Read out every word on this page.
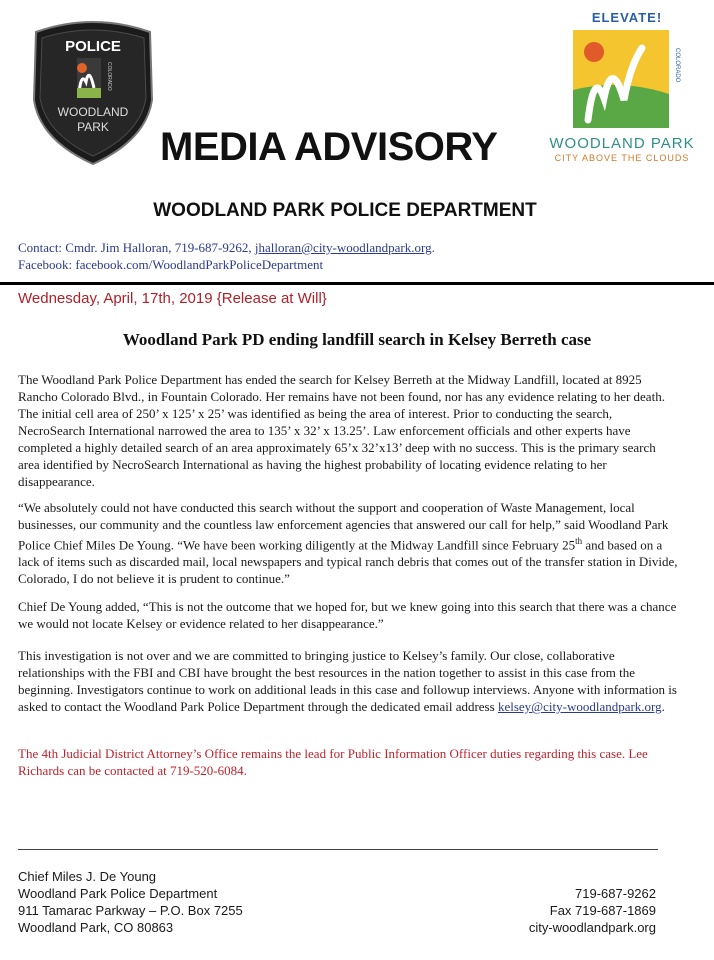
POLICE
COLORADO
WOODLAND
PARK
ELEVATE!
COLORADO
WOODLAND PARK
CITY ABOVE THE CLOUDS
MEDIA ADVISORY
WOODLAND PARK POLICE DEPARTMENT
Contact: Cmdr. Jim Halloran, 719-687-9262, jhalloran@city-woodlandpark.org.
Facebook: facebook.com/WoodlandParkPoliceDepartment
Wednesday, April, 17th, 2019 {Release at Will}
Woodland Park PD ending landfill search in Kelsey Berreth case
The Woodland Park Police Department has ended the search for Kelsey Berreth at the Midway Landfill, located at 8925 Rancho Colorado Blvd., in Fountain Colorado. Her remains have not been found, nor has any evidence relating to her death. The initial cell area of 250’ x 125’ x 25’ was identified as being the area of interest. Prior to conducting the search, NecroSearch International narrowed the area to 135’ x 32’ x 13.25’. Law enforcement officials and other experts have completed a highly detailed search of an area approximately 65’x 32’x13’ deep with no success. This is the primary search area identified by NecroSearch International as having the highest probability of locating evidence relating to her disappearance.
“We absolutely could not have conducted this search without the support and cooperation of Waste Management, local businesses, our community and the countless law enforcement agencies that answered our call for help,” said Woodland Park Police Chief Miles De Young. “We have been working diligently at the Midway Landfill since February 25th and based on a lack of items such as discarded mail, local newspapers and typical ranch debris that comes out of the transfer station in Divide, Colorado, I do not believe it is prudent to continue.”
Chief De Young added, “This is not the outcome that we hoped for, but we knew going into this search that there was a chance we would not locate Kelsey or evidence related to her disappearance.”
This investigation is not over and we are committed to bringing justice to Kelsey’s family. Our close, collaborative relationships with the FBI and CBI have brought the best resources in the nation together to assist in this case from the beginning. Investigators continue to work on additional leads in this case and followup interviews. Anyone with information is asked to contact the Woodland Park Police Department through the dedicated email address kelsey@city-woodlandpark.org.
The 4th Judicial District Attorney’s Office remains the lead for Public Information Officer duties regarding this case. Lee Richards can be contacted at 719-520-6084.
Chief Miles J. De Young
Woodland Park Police Department
911 Tamarac Parkway – P.O. Box 7255
Woodland Park, CO 80863
719-687-9262
Fax 719-687-1869
city-woodlandpark.org
